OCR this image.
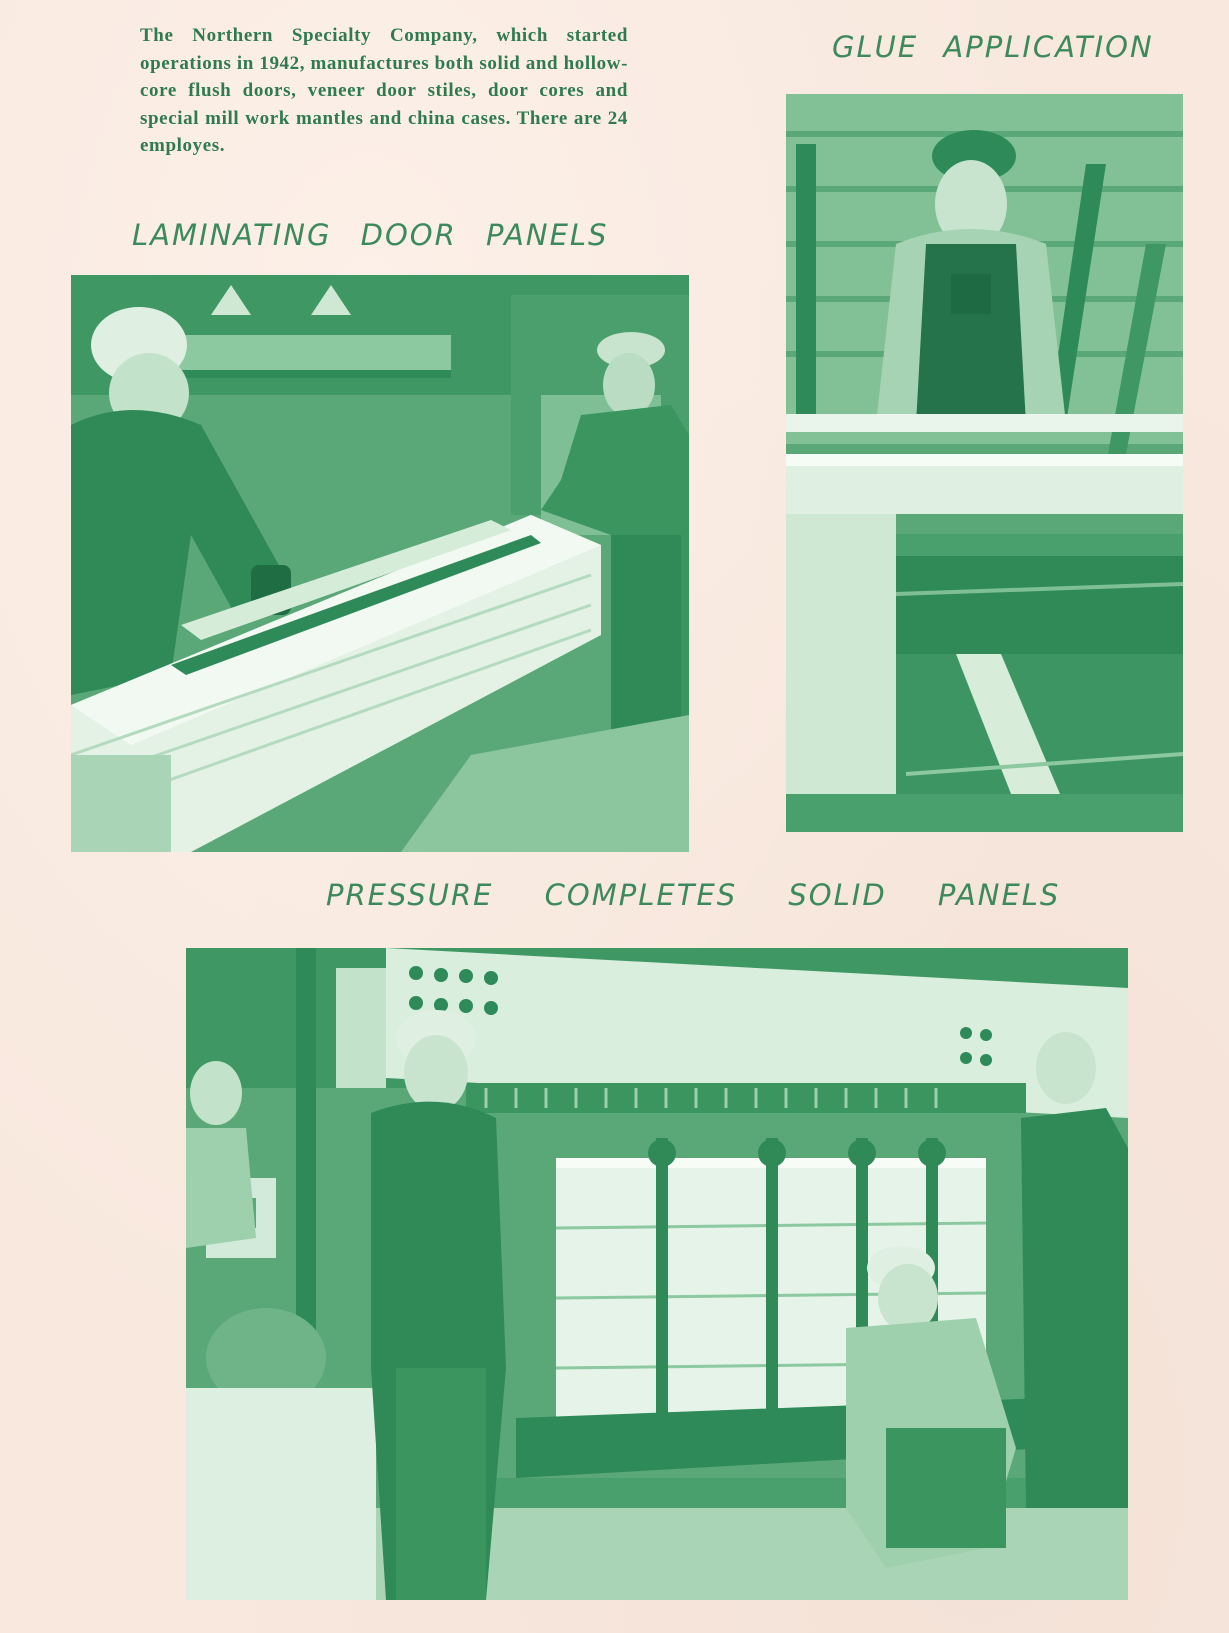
The Northern Specialty Company, which started operations in 1942, manufactures both solid and hollow-core flush doors, veneer door stiles, door cores and special mill work mantles and china cases. There are 24 employes.

GLUE APPLICATION
LAMINATING DOOR PANELS
PRESSURE COMPLETES SOLID PANELS
